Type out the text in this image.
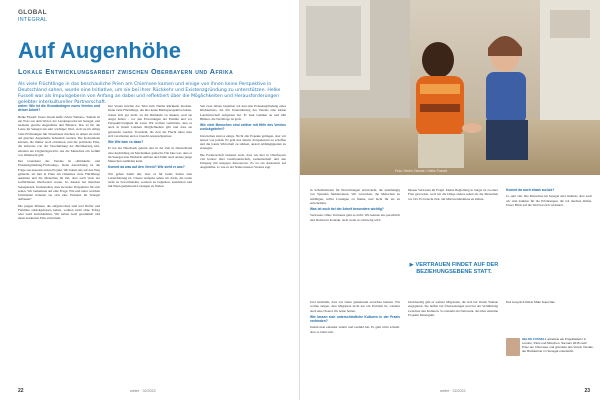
GLOBAL
INTEGRAL
Auf Augenhöhe
Lokale Entwicklungsarbeit zwischen Oberbayern und Afrika

Als viele Flüchtlinge in das beschauliche Prien am Chiemsee kamen und einige von ihnen keine Perspektive in Deutschland sahen, wurde eine Initiative, um sie bei ihrer Rückkehr und Existenzgründung zu unterstützen. Helke Fussell war als Impulsgeberin von Anfang an dabei und reflektiert über die Möglichkeiten und Herausforderungen gelebter interkultureller Partnerschaft.

welee: Wie ist die Grundanliegen eures Vereins und deiner Arbeit?

Helke Fussell: Unser Verein heißt »Virus Yamale«. Yamale ist ein Wort aus dem Wolof, der Landessprache im Senegal, und bedeutet gleiche Augenhöhe und Balance. Das ist für die Leute im Senegal ein sehr wichtiger Wert, weil sie im Alltag viele Erfahrungen mit Situationen machen, in denen sie nicht auf gleicher Augenhöhe behandelt werden. Die Kolonialzeit können, die immer noch existieren, und die politische Elite, die teilweise von der Verschuldung der Bevölkerung lebt, erhalten ein Ungleichgewicht, das die Menschen ein Gefühl von Ohnmacht gibt.

Der Grundsatz des Vereins ist »Rückkehr- und Existenzgründung-Förderung«. Denn Ausrichtung ist die Folge aus unserem ersten Projekt. Wir haben uns auf den Weg gemacht, als hier in Prien am Chiemsee viele Flüchtlinge ankamen und die Menschen im Ort, aber auch viele der Geflüchteten überfordert waren. So dauerte bei manchen Senegalesen, festzustellen, dass sie keine Perspektive für sich sehen. Wir bemerkten auf eine Frage: Wie und unter welchen Umständen könnten sie sich eine Existenz im Senegal aufbauen?

Die jungen Männer, die aufgebrochen sind und Dörfer und Familien zurückgelassen haben, wollten nicht ohne Erfolg oder Geld zurückkehren. Wir haben Geld gesammelt und einen konkreten Plan entwickelt.

Der Verein möchte das Tabu zum Thema Rückkehr brechen. Denn viele Flüchtlinge, die hier keine Bleibeperspektive haben, trauen sich gar nicht, an die Rückkehr zu denken, weil sie Angst haben – vor den Erwartungen der Familie und vor Perspektivlosigkeit im Land. Wir wollten vermitteln, dass es auch in ihrem Ländern Möglichkeiten gibt und dass sie gebraucht werden. Trotzdem, die Zeit der Flucht muss man sich verarbeiten und es braucht Ansprechpartner.

Wie Wie kam es dazu?

Er hat ein Handwerk gelernt und in der Zeit in Deutschland eine Ausbildung als Mechaniker gemacht. Die Idee war, dass er im Senegal eine Werkstatt aufbaut und damit auch andere junge Menschen ausbilden kann.

Kommt da was auf den Verein? Wie sieht er aus?

Wir gehen damit um, dass es für beide Seiten eine Lernerfahrung ist. Unsere Aufgabe sehen wir darin, die Leute nicht zu bevormunden, sondern zu begleiten, zuzuhören und mit ihnen gemeinsam Lösungen zu finden.

Seit zwei Jahren begleiten wir nun eine Existenzgründung eines Rückkehrers, der mit Unterstützung des Vereins eine kleine Landwirtschaft aufgebaut hat. Er baut Gemüse an und hält Hühner, die Nachfrage ist groß.

Wie viele Menschen sind seither mit Hilfe des Vereins zurückgekehrt?

Inzwischen sind es einige. Nicht alle Projekte gelingen, aber wir lernen von jedem. Es geht uns darum, Perspektiven zu schaffen und die lokale Wirtschaft zu stärken, anstatt Abhängigkeiten zu erzeugen.

Die Partnerschaft bedeutet auch, dass wir hier in Oberbayern viel lernen: über Gastfreundschaft, Gemeinschaft und den Umgang mit knappen Ressourcen. Es ist ein Austausch auf Augenhöhe, so wie es der Name unseres Vereins sagt.

22	welee · 02/2022
Foto: Verein Yamale / Helke Fussell

in Schulbehörden für Einrichtungen entwickeln, die unabhängig von Spenden funktionieren. Wir versuchen, die Menschen zu befähigen, selbst Lösungen zu finden, und nicht für sie zu entscheiden.

Was ist euch bei der Arbeit besonders wichtig?

Vertrauen. Ohne Vertrauen geht es nicht. Wir kennen uns persönlich und bleiben in Kontakt, auch wenn es schwierig wird.

Diesen Vertrauen im Fragil. Meine Begleitung in Salgar ist zu einer Frau geworden, weil wir die Dinge anders sehen als die Menschen vor Ort. Es braucht Zeit, um Missverständnisse zu klären.

Kommt da auch etwas zurück?

Ja, sehr viel. Die Menschen im Senegal sind dankbar, aber auch wir sind dankbar für die Erfahrungen, die wir machen dürfen. Unser Blick auf die Welt hat sich verändert.

▶ VERTRAUEN FINDET AUF DER BEZIEHUNGSEBENE STATT.

Und bestimmt, dass wir vieles gemeinsam erreichen können. Wir wollen zeigen, dass Migration nicht nur ein Problem ist, sondern auch eine Chance für beide Seiten.

Wie lassen sich unterschiedliche Kulturen in der Praxis verbinden?

Indem man einander zuhört und Geduld hat. Es geht nicht schnell, aber es lohnt sich.

Gleichzeitig gibt es weitere Migranten, die sich bei Verein Yamale engagieren. Sie helfen bei Übersetzungen und bei der Vermittlung zwischen den Kulturen. So entsteht ein Netzwerk, das über einzelne Projekte hinausgeht.

Das Gespräch führte Mike Kauschke.

HELKE FUSSELL arbeitete als Projektleiterin in London, Paris und München. Sie kam 2015 nach Prien am Chiemsee und gründete den Verein Yamale, der Rückkehrer im Senegal unterstützt.
welee · 02/2022	23
